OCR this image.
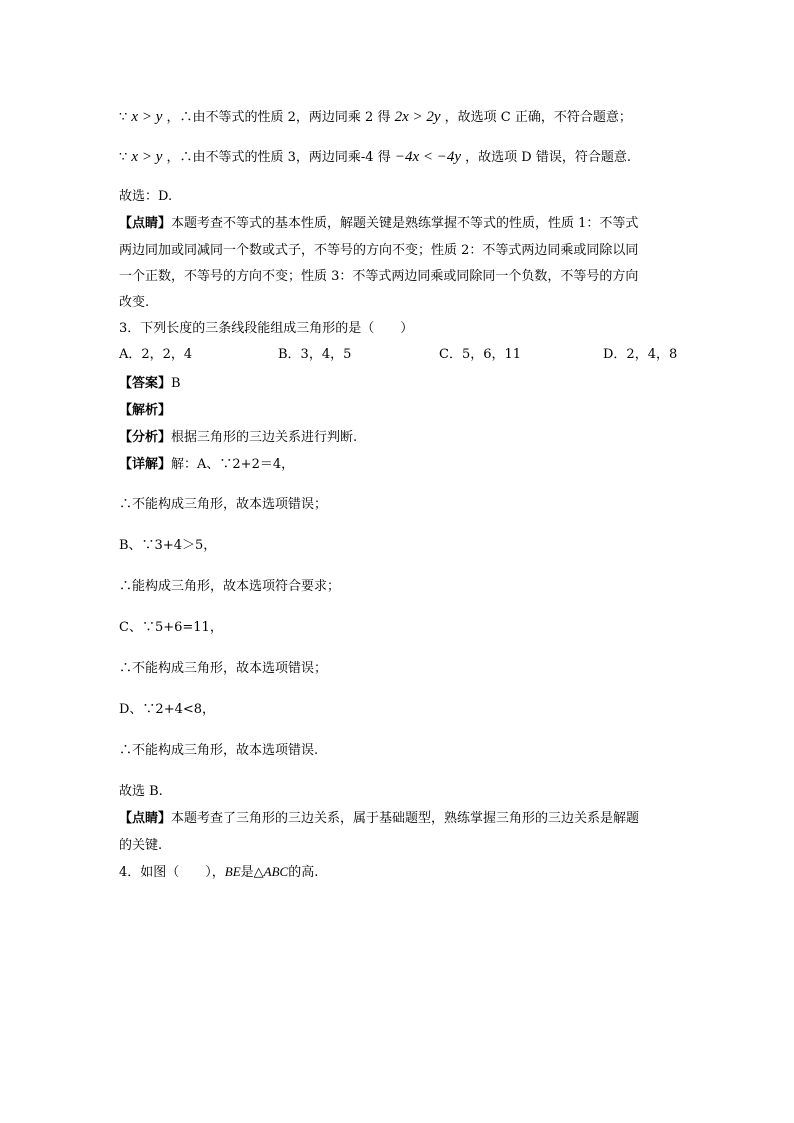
∵ x > y ，∴由不等式的性质 2，两边同乘 2 得 2x > 2y ，故选项 C 正确，不符合题意；
∵ x > y ，∴由不等式的性质 3，两边同乘-4 得 −4x < −4y ，故选项 D 错误，符合题意.
故选：D.
【点睛】本题考查不等式的基本性质，解题关键是熟练掌握不等式的性质，性质 1：不等式
两边同加或同减同一个数或式子，不等号的方向不变；性质 2：不等式两边同乘或同除以同
一个正数，不等号的方向不变；性质 3：不等式两边同乘或同除同一个负数，不等号的方向
改变.
3．下列长度的三条线段能组成三角形的是（　　）
A．2，2，4	B．3，4，5	C．5，6，11	D．2，4，8
【答案】B
【解析】
【分析】根据三角形的三边关系进行判断.
【详解】解：A、∵2+2＝4，
∴不能构成三角形，故本选项错误；
B、∵3+4＞5，
∴能构成三角形，故本选项符合要求；
C、∵5+6=11，
∴不能构成三角形，故本选项错误；
D、∵2+4<8，
∴不能构成三角形，故本选项错误.
故选 B.
【点睛】本题考查了三角形的三边关系，属于基础题型，熟练掌握三角形的三边关系是解题
的关键.
4．如图（　　），BE是△ABC的高.
